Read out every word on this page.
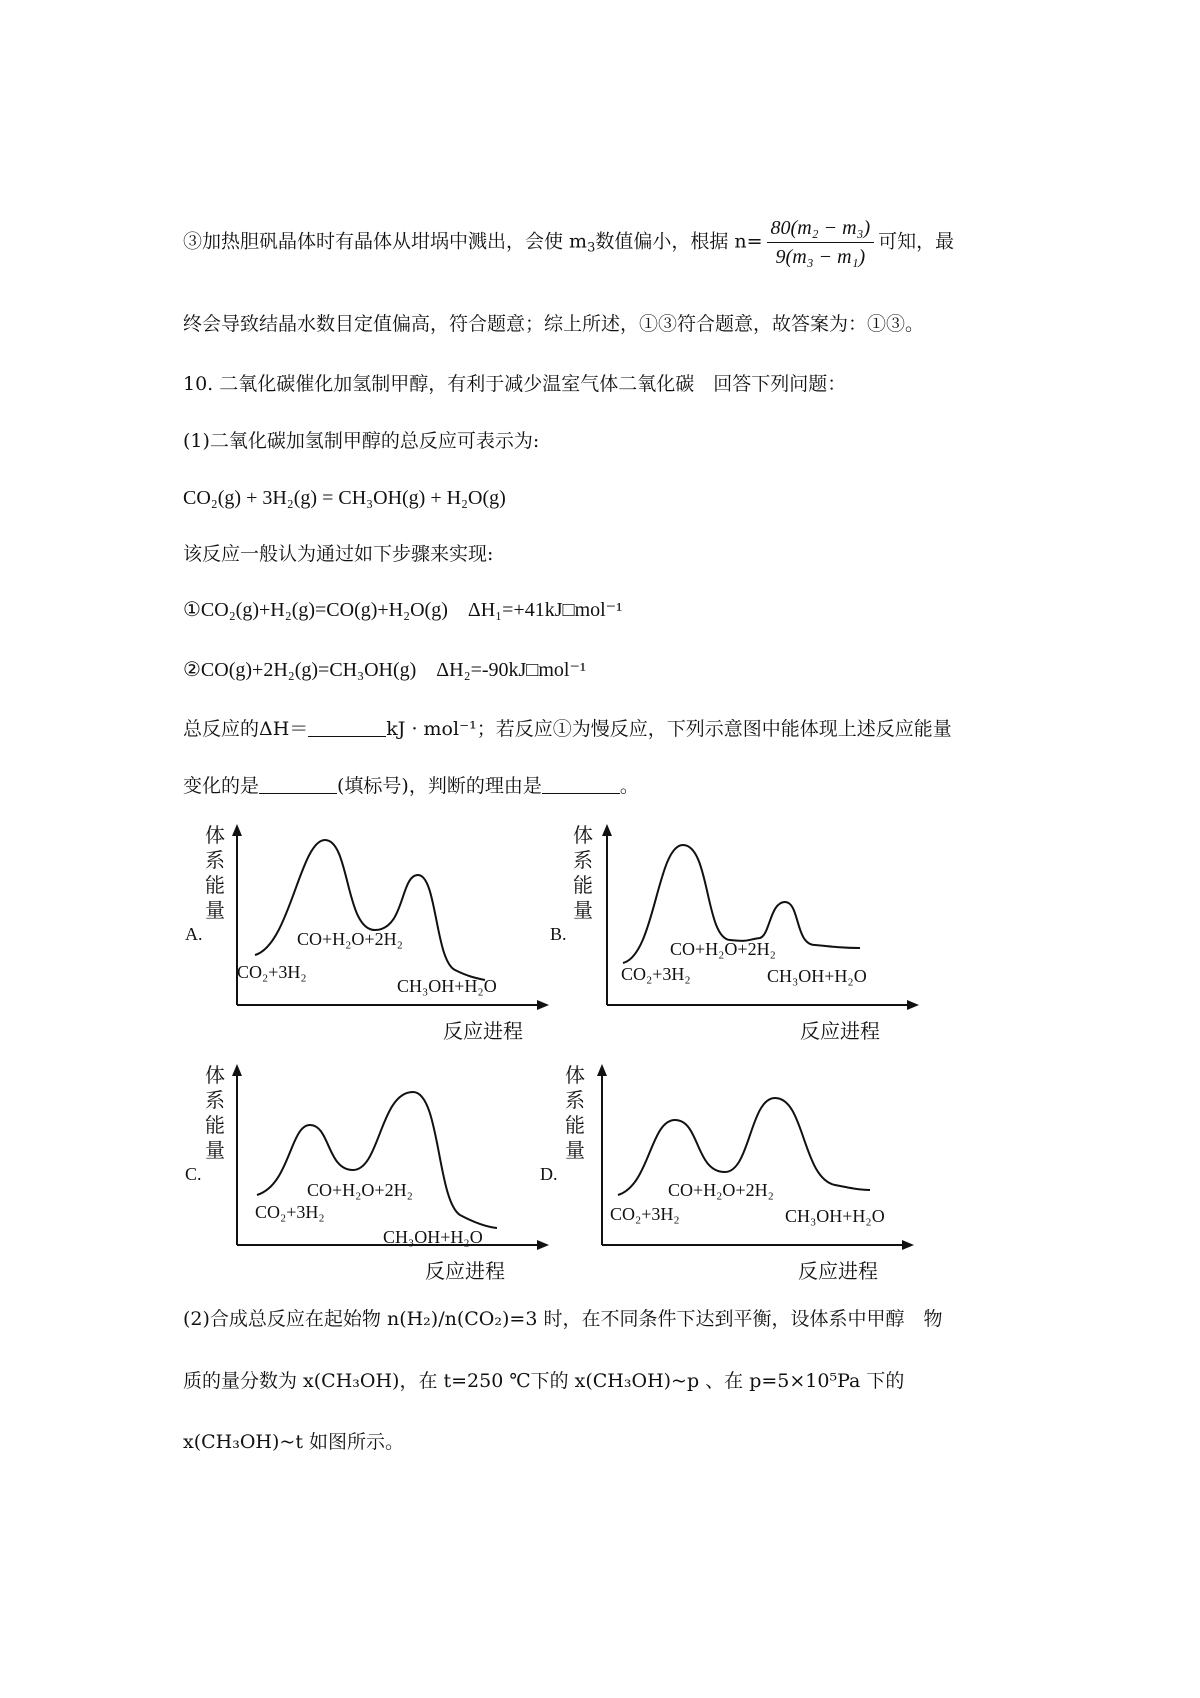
③加热胆矾晶体时有晶体从坩埚中溅出，会使 $m_3$数值偏小，根据 $n= \frac{\text{80(m₂ − m₃)}}{\text{9(m₃ − m₁)}}$ 可知，最
终会导致结晶水数目定值偏高，符合题意；综上所述，①③符合题意，故答案为：①③。
10. 二氧化碳催化加氢制甲醇，有利于减少温室气体二氧化碳　回答下列问题：
(1)二氧化碳加氢制甲醇的总反应可表示为:
CO₂(g) + 3H₂(g) = CH₃OH(g) + H₂O(g)
该反应一般认为通过如下步骤来实现:
①CO₂(g)+H₂(g)=CO(g)+H₂O(g)　ΔH₁=+41kJ□mol⁻¹
②CO(g)+2H₂(g)=CH₃OH(g)　ΔH₂=-90kJ□mol⁻¹
总反应的ΔH＝	kJ · mol⁻¹；若反应①为慢反应，下列示意图中能体现上述反应能量
变化的是	(填标号)，判断的理由是	。
A.
体
系
能
量
CO+H₂O+2H₂
CO₂+3H₂
CH₃OH+H₂O
反应进程
B.
体
系
能
量
CO+H₂O+2H₂
CO₂+3H₂	CH₃OH+H₂O
反应进程
C.
体
系
能
量
CO+H₂O+2H₂
CO₂+3H₂
CH₃OH+H₂O
反应进程
D.
体
系
能
量
CO+H₂O+2H₂
CO₂+3H₂	CH₃OH+H₂O
反应进程
(2)合成总反应在起始物 n(H₂)/n(CO₂)=3 时，在不同条件下达到平衡，设体系中甲醇　物
质的量分数为 x(CH₃OH)，在 t=250 ℃下的 x(CH₃OH)~p 、在 p=5×10⁵Pa 下的
x(CH₃OH)~t 如图所示。
